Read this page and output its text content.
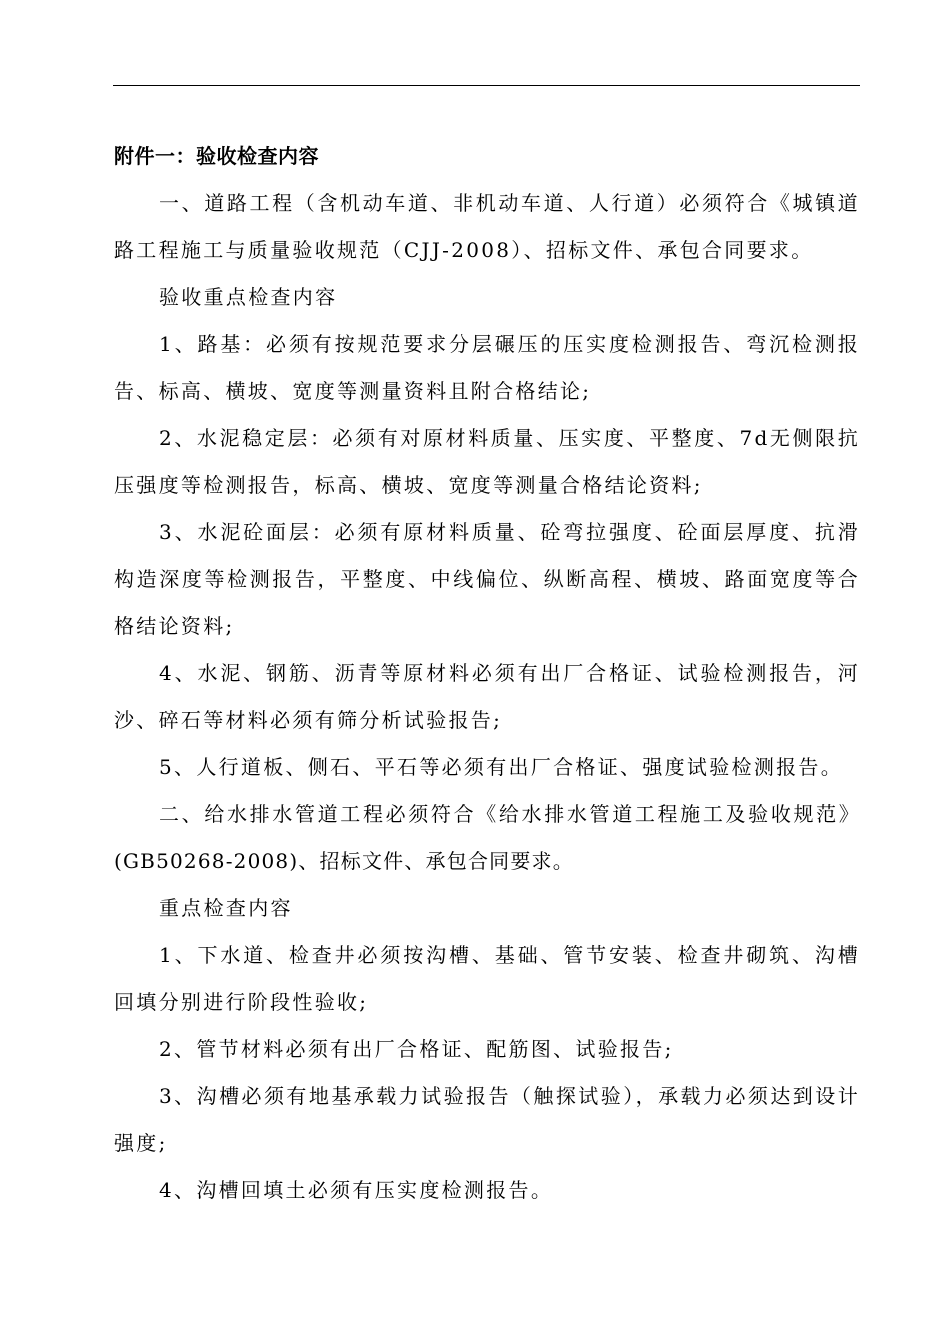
附件一：验收检查内容

一、道路工程（含机动车道、非机动车道、人行道）必须符合《城镇道路工程施工与质量验收规范（CJJ-2008）、招标文件、承包合同要求。

验收重点检查内容

1、路基：必须有按规范要求分层碾压的压实度检测报告、弯沉检测报告、标高、横坡、宽度等测量资料且附合格结论;

2、水泥稳定层：必须有对原材料质量、压实度、平整度、7d无侧限抗压强度等检测报告，标高、横坡、宽度等测量合格结论资料;

3、水泥砼面层：必须有原材料质量、砼弯拉强度、砼面层厚度、抗滑构造深度等检测报告，平整度、中线偏位、纵断高程、横坡、路面宽度等合格结论资料;

4、水泥、钢筋、沥青等原材料必须有出厂合格证、试验检测报告，河沙、碎石等材料必须有筛分析试验报告;

5、人行道板、侧石、平石等必须有出厂合格证、强度试验检测报告。

二、给水排水管道工程必须符合《给水排水管道工程施工及验收规范》(GB50268-2008)、招标文件、承包合同要求。

重点检查内容

1、下水道、检查井必须按沟槽、基础、管节安装、检查井砌筑、沟槽回填分别进行阶段性验收;

2、管节材料必须有出厂合格证、配筋图、试验报告;

3、沟槽必须有地基承载力试验报告（触探试验），承载力必须达到设计强度;

4、沟槽回填土必须有压实度检测报告。
